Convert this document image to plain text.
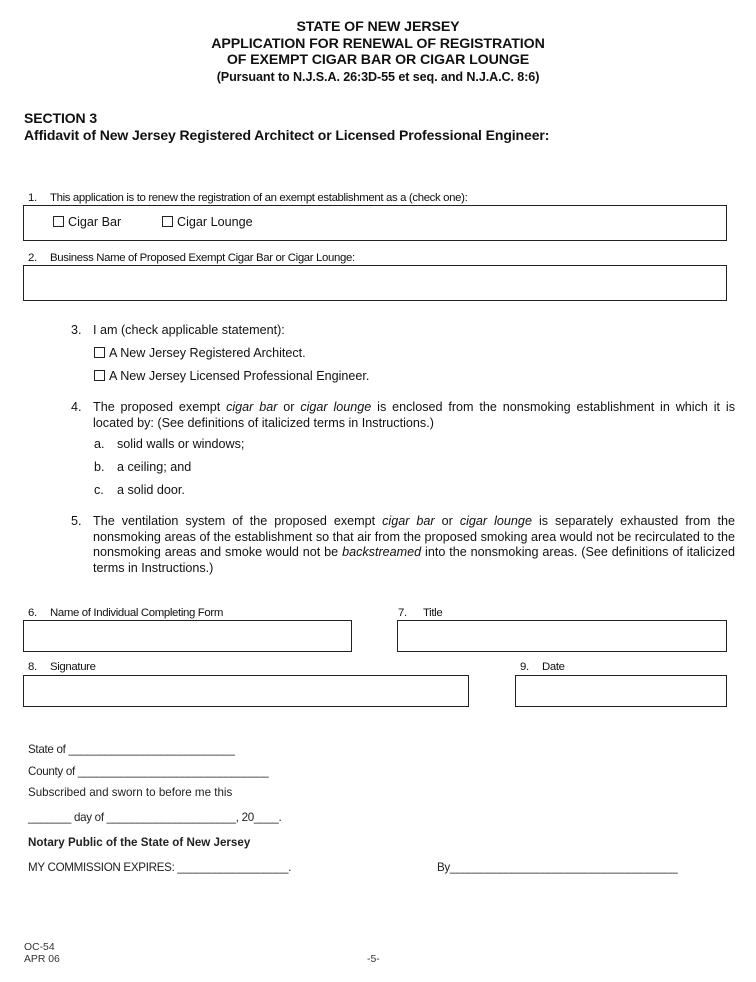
STATE OF NEW JERSEY
APPLICATION FOR RENEWAL OF REGISTRATION
OF EXEMPT CIGAR BAR OR CIGAR LOUNGE
(Pursuant to N.J.S.A. 26:3D-55 et seq. and N.J.A.C. 8:6)
SECTION 3
Affidavit of New Jersey Registered Architect or Licensed Professional Engineer:
1. This application is to renew the registration of an exempt establishment as a (check one):
Cigar Bar	Cigar Lounge
2. Business Name of Proposed Exempt Cigar Bar or Cigar Lounge:
3. I am (check applicable statement):
A New Jersey Registered Architect.
A New Jersey Licensed Professional Engineer.
4. The proposed exempt cigar bar or cigar lounge is enclosed from the nonsmoking establishment in which it is located by: (See definitions of italicized terms in Instructions.)
a. solid walls or windows;
b. a ceiling; and
c. a solid door.
5. The ventilation system of the proposed exempt cigar bar or cigar lounge is separately exhausted from the nonsmoking areas of the establishment so that air from the proposed smoking area would not be recirculated to the nonsmoking areas and smoke would not be backstreamed into the nonsmoking areas. (See definitions of italicized terms in Instructions.)
6. Name of Individual Completing Form	7. Title
8. Signature	9. Date
State of ___________________________
County of _______________________________
Subscribed and sworn to before me this
_______ day of _____________________, 20____.
Notary Public of the State of New Jersey
MY COMMISSION EXPIRES: __________________.	By_____________________________________
OC-54
APR 06	-5-
